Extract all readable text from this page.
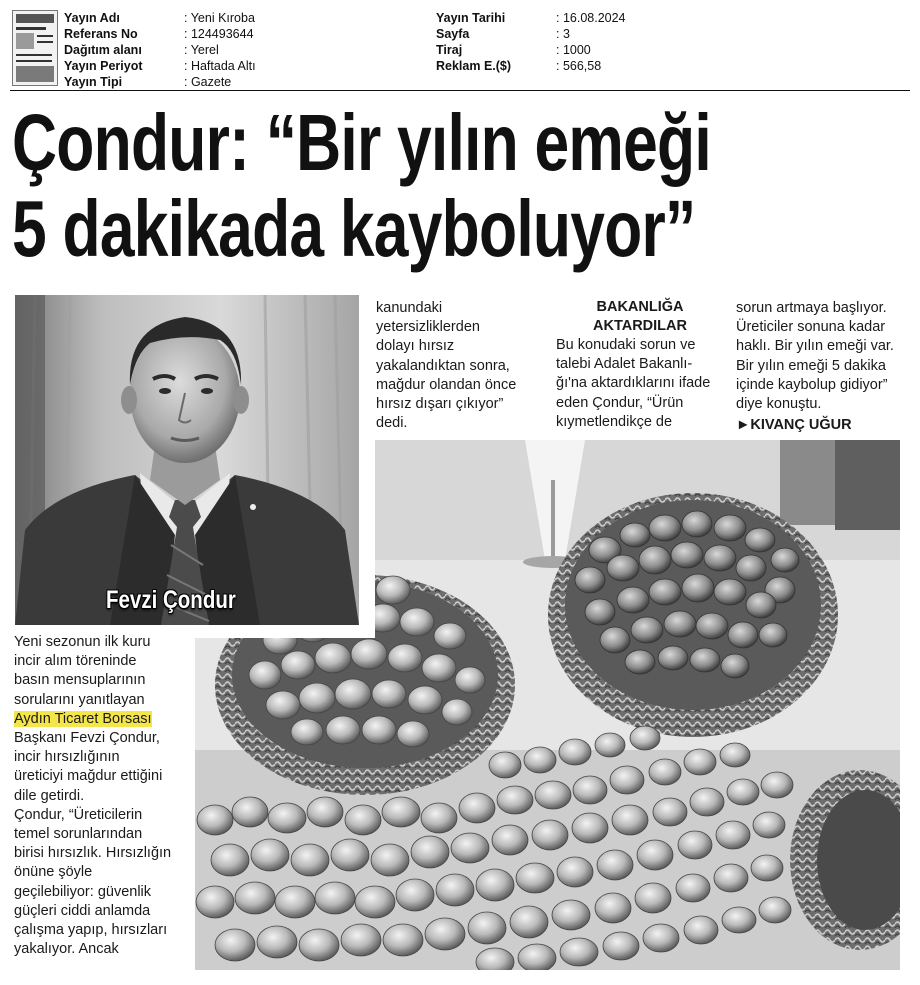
Yayın Adı	: Yeni Kıroba
Referans No	: 124493644
Dağıtım alanı	: Yerel
Yayın Periyot	: Haftada Altı
Yayın Tipi	: Gazete
Yayın Tarihi	: 16.08.2024
Sayfa	: 3
Tiraj	: 1000
Reklam E.($)	: 566,58
Çondur: “Bir yılın emeği
5 dakikada kayboluyor”
Fevzi Çondur
Yeni sezonun ilk kuru
incir alım töreninde
basın mensuplarının
sorularını yanıtlayan
Aydın Ticaret Borsası
Başkanı Fevzi Çondur,
incir hırsızlığının
üreticiyi mağdur ettiğini
dile getirdi.
Çondur, “Üreticilerin
temel sorunlarından
birisi hırsızlık. Hırsızlığın
önüne şöyle
geçilebiliyor: güvenlik
güçleri ciddi anlamda
çalışma yapıp, hırsızları
yakalıyor. Ancak
kanundaki
yetersizliklerden
dolayı hırsız
yakalandıktan sonra,
mağdur olandan önce
hırsız dışarı çıkıyor”
dedi.
BAKANLIĞA
AKTARDILAR
Bu konudaki sorun ve
talebi Adalet Bakanlı-
ğı'na aktardıklarını ifade
eden Çondur, “Ürün
kıymetlendikçe de
sorun artmaya başlıyor.
Üreticiler sonuna kadar
haklı. Bir yılın emeği var.
Bir yılın emeği 5 dakika
içinde kaybolup gidiyor”
diye konuştu.
►KIVANÇ UĞUR
